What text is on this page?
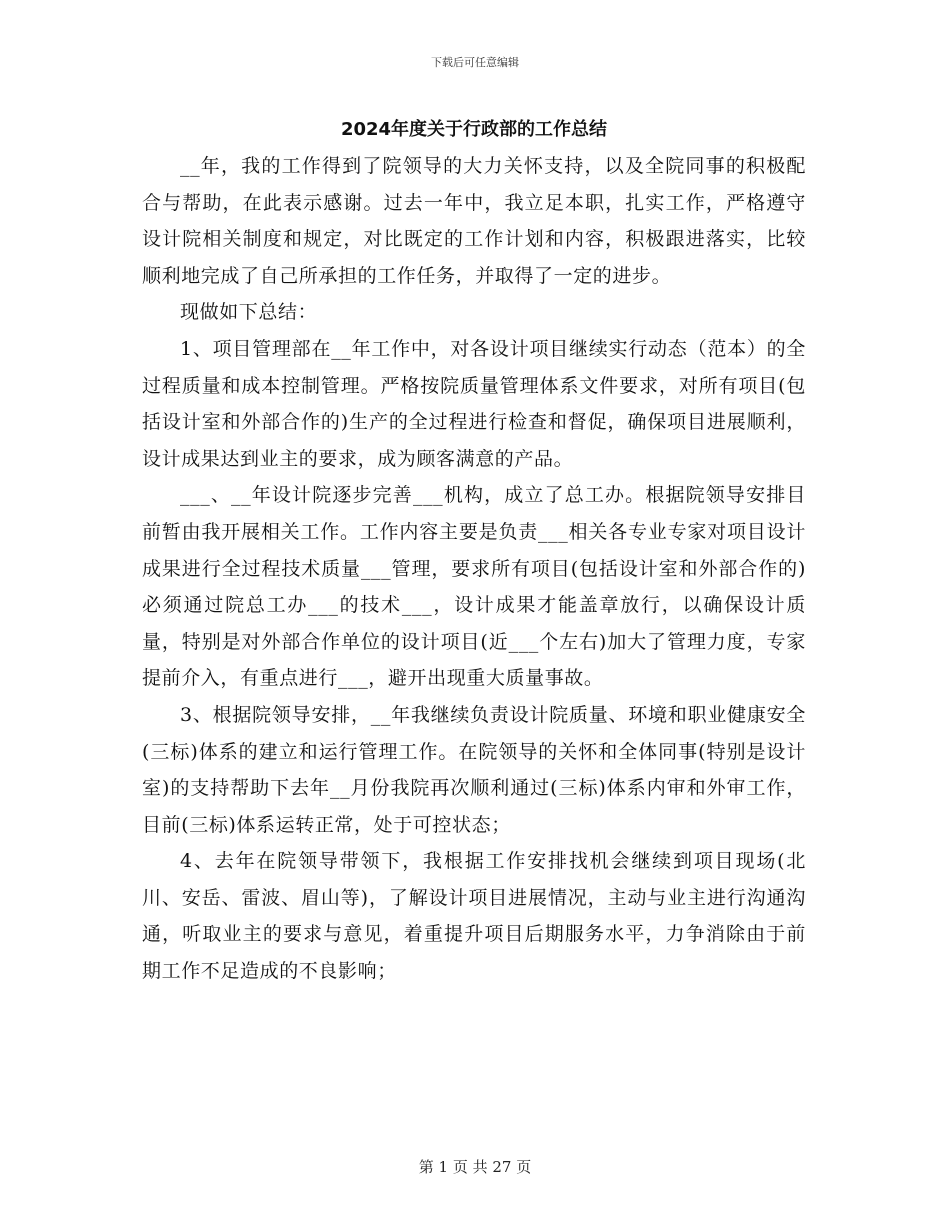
下载后可任意编辑
2024年度关于行政部的工作总结

__年，我的工作得到了院领导的大力关怀支持，以及全院同事的积极配合与帮助，在此表示感谢。过去一年中，我立足本职，扎实工作，严格遵守设计院相关制度和规定，对比既定的工作计划和内容，积极跟进落实，比较顺利地完成了自己所承担的工作任务，并取得了一定的进步。

现做如下总结：

1、项目管理部在__年工作中，对各设计项目继续实行动态（范本）的全过程质量和成本控制管理。严格按院质量管理体系文件要求，对所有项目(包括设计室和外部合作的)生产的全过程进行检查和督促，确保项目进展顺利，设计成果达到业主的要求，成为顾客满意的产品。

___、__年设计院逐步完善___机构，成立了总工办。根据院领导安排目前暂由我开展相关工作。工作内容主要是负责___相关各专业专家对项目设计成果进行全过程技术质量___管理，要求所有项目(包括设计室和外部合作的)必须通过院总工办___的技术___，设计成果才能盖章放行，以确保设计质量，特别是对外部合作单位的设计项目(近___个左右)加大了管理力度，专家提前介入，有重点进行___，避开出现重大质量事故。

3、根据院领导安排，__年我继续负责设计院质量、环境和职业健康安全(三标)体系的建立和运行管理工作。在院领导的关怀和全体同事(特别是设计室)的支持帮助下去年__月份我院再次顺利通过(三标)体系内审和外审工作，目前(三标)体系运转正常，处于可控状态；

4、去年在院领导带领下，我根据工作安排找机会继续到项目现场(北川、安岳、雷波、眉山等)，了解设计项目进展情况，主动与业主进行沟通沟通，听取业主的要求与意见，着重提升项目后期服务水平，力争消除由于前期工作不足造成的不良影响；

第 1 页 共 27 页
